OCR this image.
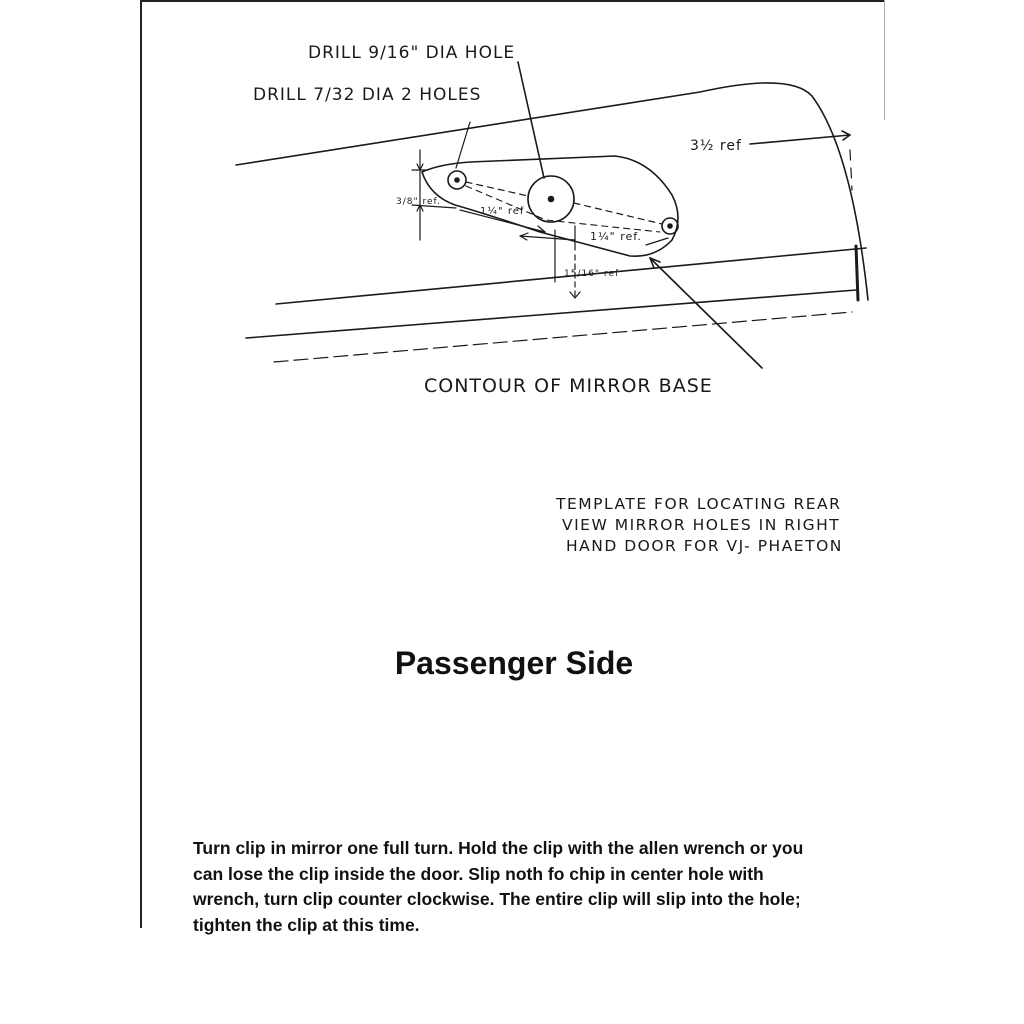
DRILL 9/16" DIA HOLE
DRILL 7/32 DIA 2 HOLES
3½ ref
3/8" ref.
1¼" ref
1¼" ref.
15/16" ref
CONTOUR OF MIRROR BASE
TEMPLATE FOR LOCATING REAR
VIEW MIRROR HOLES IN RIGHT
HAND DOOR FOR VJ- PHAETON
Passenger Side
Turn clip in mirror one full turn. Hold the clip with the allen wrench or you can lose the clip inside the door. Slip noth fo chip in center hole with wrench, turn clip counter clockwise. The entire clip will slip into the hole; tighten the clip at this time.
